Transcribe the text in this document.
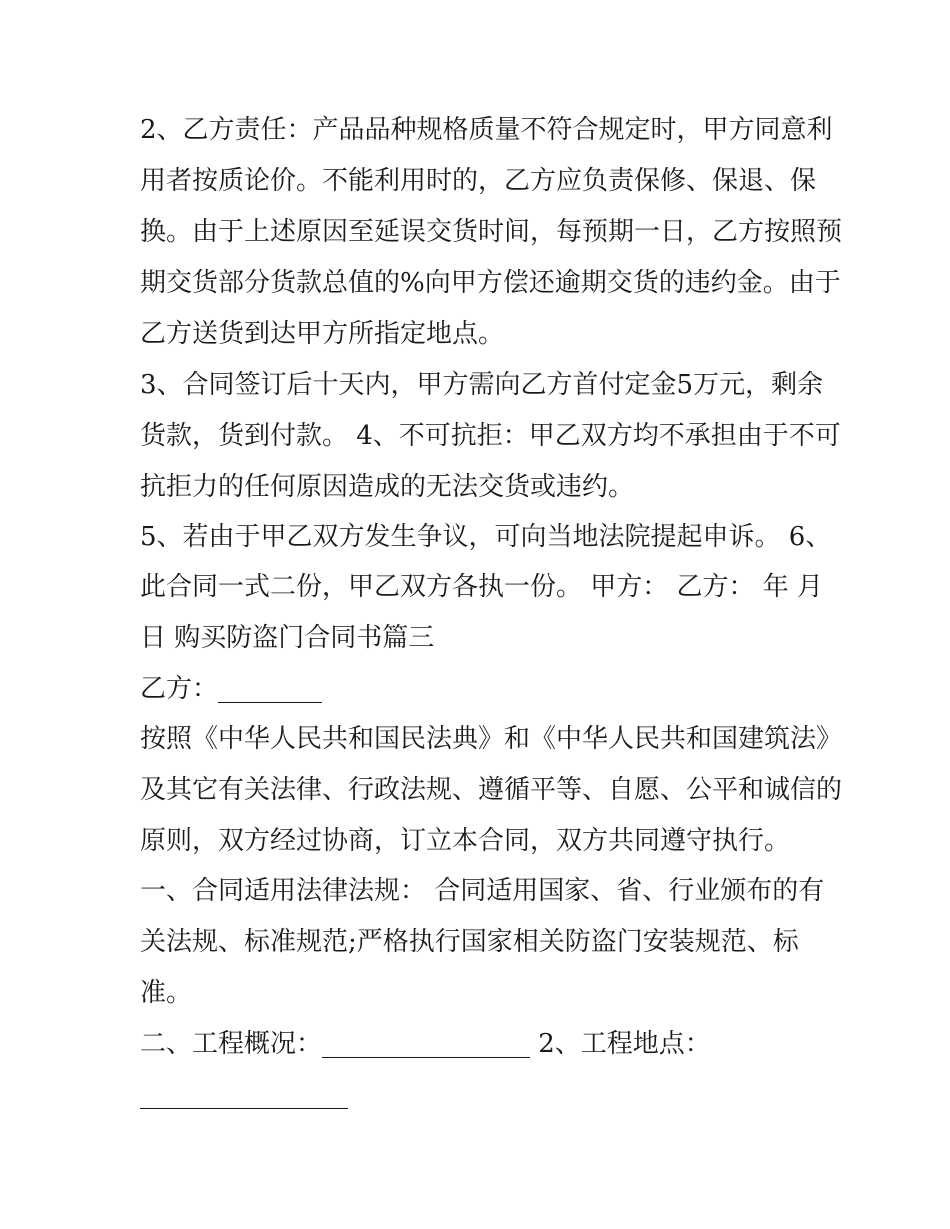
2、乙方责任：产品品种规格质量不符合规定时，甲方同意利
用者按质论价。不能利用时的，乙方应负责保修、保退、保
换。由于上述原因至延误交货时间，每预期一日，乙方按照预
期交货部分货款总值的%向甲方偿还逾期交货的违约金。由于
乙方送货到达甲方所指定地点。
3、合同签订后十天内，甲方需向乙方首付定金5万元，剩余
货款，货到付款。 4、不可抗拒：甲乙双方均不承担由于不可
抗拒力的任何原因造成的无法交货或违约。
5、若由于甲乙双方发生争议，可向当地法院提起申诉。 6、
此合同一式二份，甲乙双方各执一份。 甲方： 乙方： 年 月
日 购买防盗门合同书篇三
乙方：________
按照《中华人民共和国民法典》和《中华人民共和国建筑法》
及其它有关法律、行政法规、遵循平等、自愿、公平和诚信的
原则，双方经过协商，订立本合同，双方共同遵守执行。
一、合同适用法律法规： 合同适用国家、省、行业颁布的有
关法规、标准规范;严格执行国家相关防盗门安装规范、标
准。
二、工程概况：________________ 2、工程地点：
________________
